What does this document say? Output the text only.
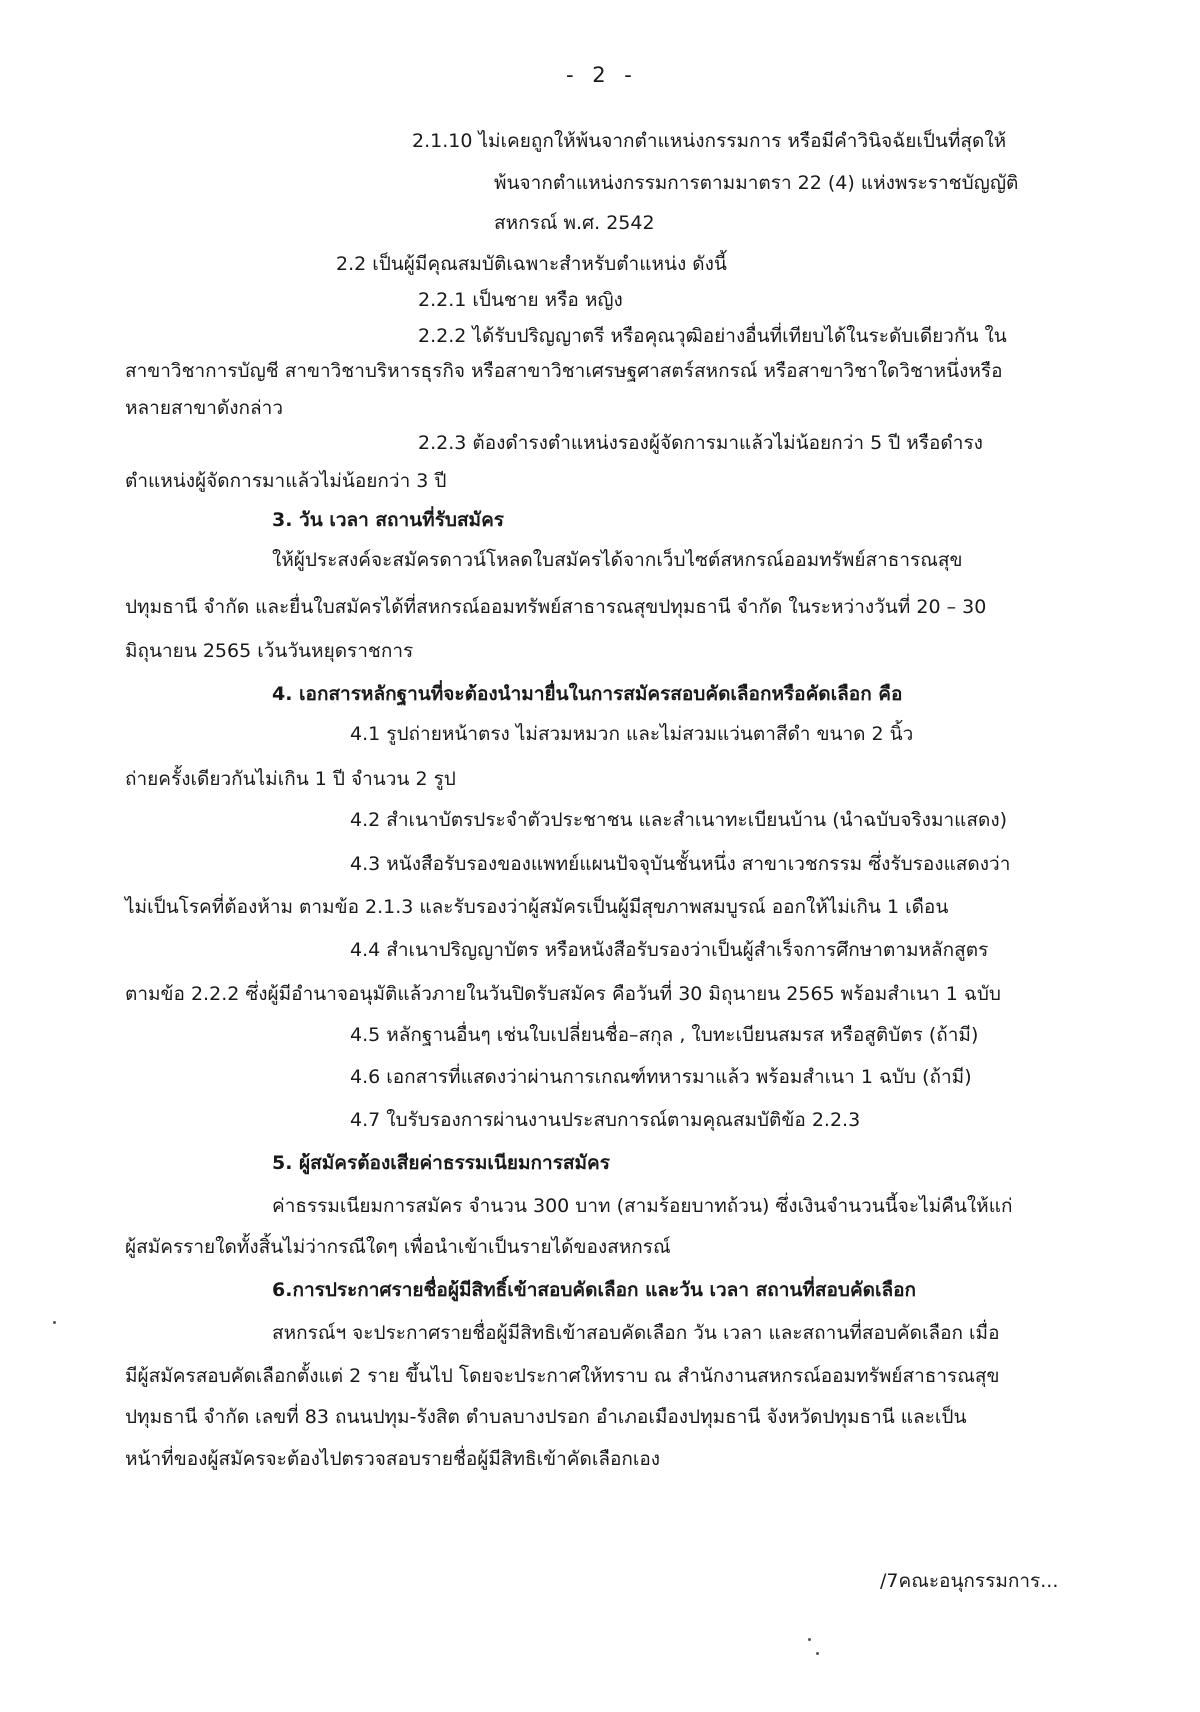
- 2 -
2.1.10 ไม่เคยถูกให้พ้นจากตำแหน่งกรรมการ หรือมีคำวินิจฉัยเป็นที่สุดให้
พ้นจากตำแหน่งกรรมการตามมาตรา 22 (4) แห่งพระราชบัญญัติ
สหกรณ์ พ.ศ. 2542
2.2 เป็นผู้มีคุณสมบัติเฉพาะสำหรับตำแหน่ง ดังนี้
2.2.1 เป็นชาย หรือ หญิง
2.2.2 ได้รับปริญญาตรี หรือคุณวุฒิอย่างอื่นที่เทียบได้ในระดับเดียวกัน ใน
สาขาวิชาการบัญชี สาขาวิชาบริหารธุรกิจ หรือสาขาวิชาเศรษฐศาสตร์สหกรณ์ หรือสาขาวิชาใดวิชาหนึ่งหรือ
หลายสาขาดังกล่าว
2.2.3 ต้องดำรงตำแหน่งรองผู้จัดการมาแล้วไม่น้อยกว่า 5 ปี หรือดำรง
ตำแหน่งผู้จัดการมาแล้วไม่น้อยกว่า 3 ปี
3. วัน เวลา สถานที่รับสมัคร
ให้ผู้ประสงค์จะสมัครดาวน์โหลดใบสมัครได้จากเว็บไซต์สหกรณ์ออมทรัพย์สาธารณสุข
ปทุมธานี จำกัด และยื่นใบสมัครได้ที่สหกรณ์ออมทรัพย์สาธารณสุขปทุมธานี จำกัด ในระหว่างวันที่ 20 – 30
มิถุนายน 2565 เว้นวันหยุดราชการ
4. เอกสารหลักฐานที่จะต้องนำมายื่นในการสมัครสอบคัดเลือกหรือคัดเลือก คือ
4.1 รูปถ่ายหน้าตรง ไม่สวมหมวก และไม่สวมแว่นตาสีดำ ขนาด 2 นิ้ว
ถ่ายครั้งเดียวกันไม่เกิน 1 ปี จำนวน 2 รูป
4.2 สำเนาบัตรประจำตัวประชาชน และสำเนาทะเบียนบ้าน (นำฉบับจริงมาแสดง)
4.3 หนังสือรับรองของแพทย์แผนปัจจุบันชั้นหนึ่ง สาขาเวชกรรม ซึ่งรับรองแสดงว่า
ไม่เป็นโรคที่ต้องห้าม ตามข้อ 2.1.3 และรับรองว่าผู้สมัครเป็นผู้มีสุขภาพสมบูรณ์ ออกให้ไม่เกิน 1 เดือน
4.4 สำเนาปริญญาบัตร หรือหนังสือรับรองว่าเป็นผู้สำเร็จการศึกษาตามหลักสูตร
ตามข้อ 2.2.2 ซึ่งผู้มีอำนาจอนุมัติแล้วภายในวันปิดรับสมัคร คือวันที่ 30 มิถุนายน 2565 พร้อมสำเนา 1 ฉบับ
4.5 หลักฐานอื่นๆ เช่นใบเปลี่ยนชื่อ–สกุล , ใบทะเบียนสมรส หรือสูติบัตร (ถ้ามี)
4.6 เอกสารที่แสดงว่าผ่านการเกณฑ์ทหารมาแล้ว พร้อมสำเนา 1 ฉบับ (ถ้ามี)
4.7 ใบรับรองการผ่านงานประสบการณ์ตามคุณสมบัติข้อ 2.2.3
5. ผู้สมัครต้องเสียค่าธรรมเนียมการสมัคร
ค่าธรรมเนียมการสมัคร จำนวน 300 บาท (สามร้อยบาทถ้วน) ซึ่งเงินจำนวนนี้จะไม่คืนให้แก่
ผู้สมัครรายใดทั้งสิ้นไม่ว่ากรณีใดๆ เพื่อนำเข้าเป็นรายได้ของสหกรณ์
6.การประกาศรายชื่อผู้มีสิทธิ์เข้าสอบคัดเลือก และวัน เวลา สถานที่สอบคัดเลือก
สหกรณ์ฯ จะประกาศรายชื่อผู้มีสิทธิเข้าสอบคัดเลือก วัน เวลา และสถานที่สอบคัดเลือก เมื่อ
มีผู้สมัครสอบคัดเลือกตั้งแต่ 2 ราย ขึ้นไป โดยจะประกาศให้ทราบ ณ สำนักงานสหกรณ์ออมทรัพย์สาธารณสุข
ปทุมธานี จำกัด เลขที่ 83 ถนนปทุม-รังสิต ตำบลบางปรอก อำเภอเมืองปทุมธานี จังหวัดปทุมธานี และเป็น
หน้าที่ของผู้สมัครจะต้องไปตรวจสอบรายชื่อผู้มีสิทธิเข้าคัดเลือกเอง
/7คณะอนุกรรมการ...
